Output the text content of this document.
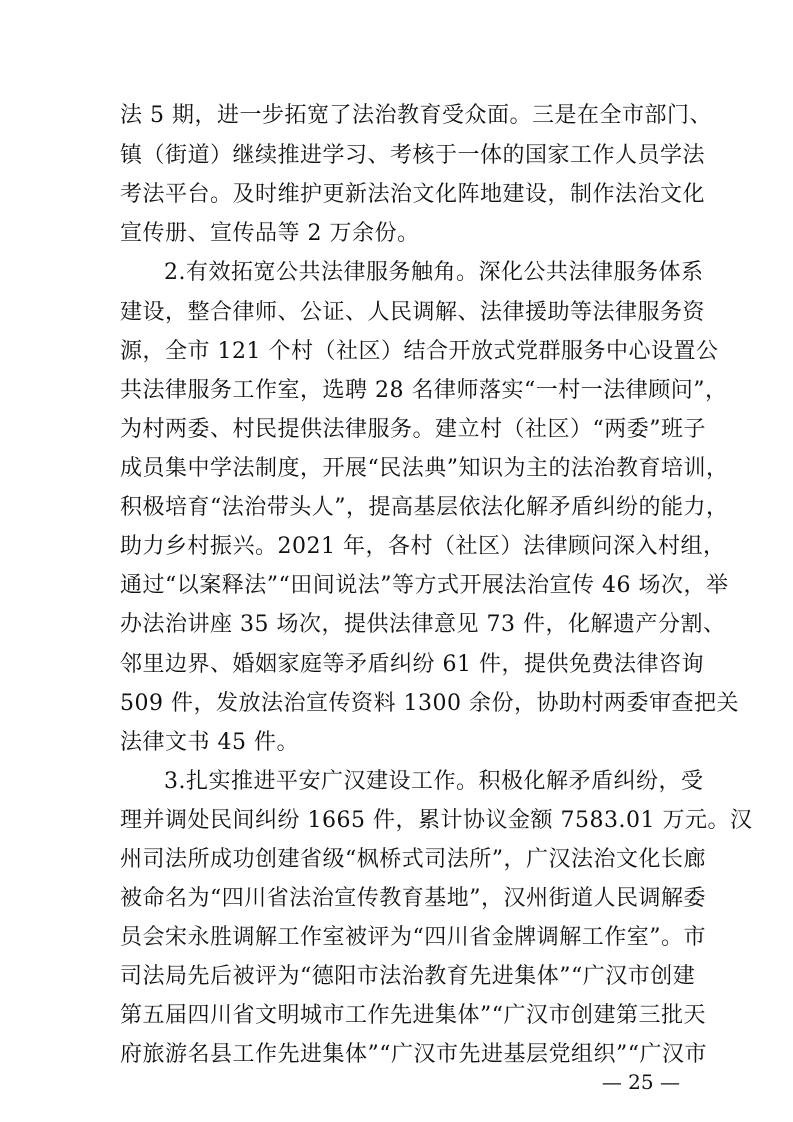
法 5 期，进一步拓宽了法治教育受众面。三是在全市部门、
镇（街道）继续推进学习、考核于一体的国家工作人员学法
考法平台。及时维护更新法治文化阵地建设，制作法治文化
宣传册、宣传品等 2 万余份。
2.有效拓宽公共法律服务触角。深化公共法律服务体系
建设，整合律师、公证、人民调解、法律援助等法律服务资
源，全市 121 个村（社区）结合开放式党群服务中心设置公
共法律服务工作室，选聘 28 名律师落实“一村一法律顾问”，
为村两委、村民提供法律服务。建立村（社区）“两委”班子
成员集中学法制度，开展“民法典”知识为主的法治教育培训，
积极培育“法治带头人”，提高基层依法化解矛盾纠纷的能力，
助力乡村振兴。2021 年，各村（社区）法律顾问深入村组，
通过“以案释法”“田间说法”等方式开展法治宣传 46 场次，举
办法治讲座 35 场次，提供法律意见 73 件，化解遗产分割、
邻里边界、婚姻家庭等矛盾纠纷 61 件，提供免费法律咨询
509 件，发放法治宣传资料 1300 余份，协助村两委审查把关
法律文书 45 件。
3.扎实推进平安广汉建设工作。积极化解矛盾纠纷，受
理并调处民间纠纷 1665 件，累计协议金额 7583.01 万元。汉
州司法所成功创建省级“枫桥式司法所”，广汉法治文化长廊
被命名为“四川省法治宣传教育基地”，汉州街道人民调解委
员会宋永胜调解工作室被评为“四川省金牌调解工作室”。市
司法局先后被评为“德阳市法治教育先进集体”“广汉市创建
第五届四川省文明城市工作先进集体”“广汉市创建第三批天
府旅游名县工作先进集体”“广汉市先进基层党组织”“广汉市
— 25 —
